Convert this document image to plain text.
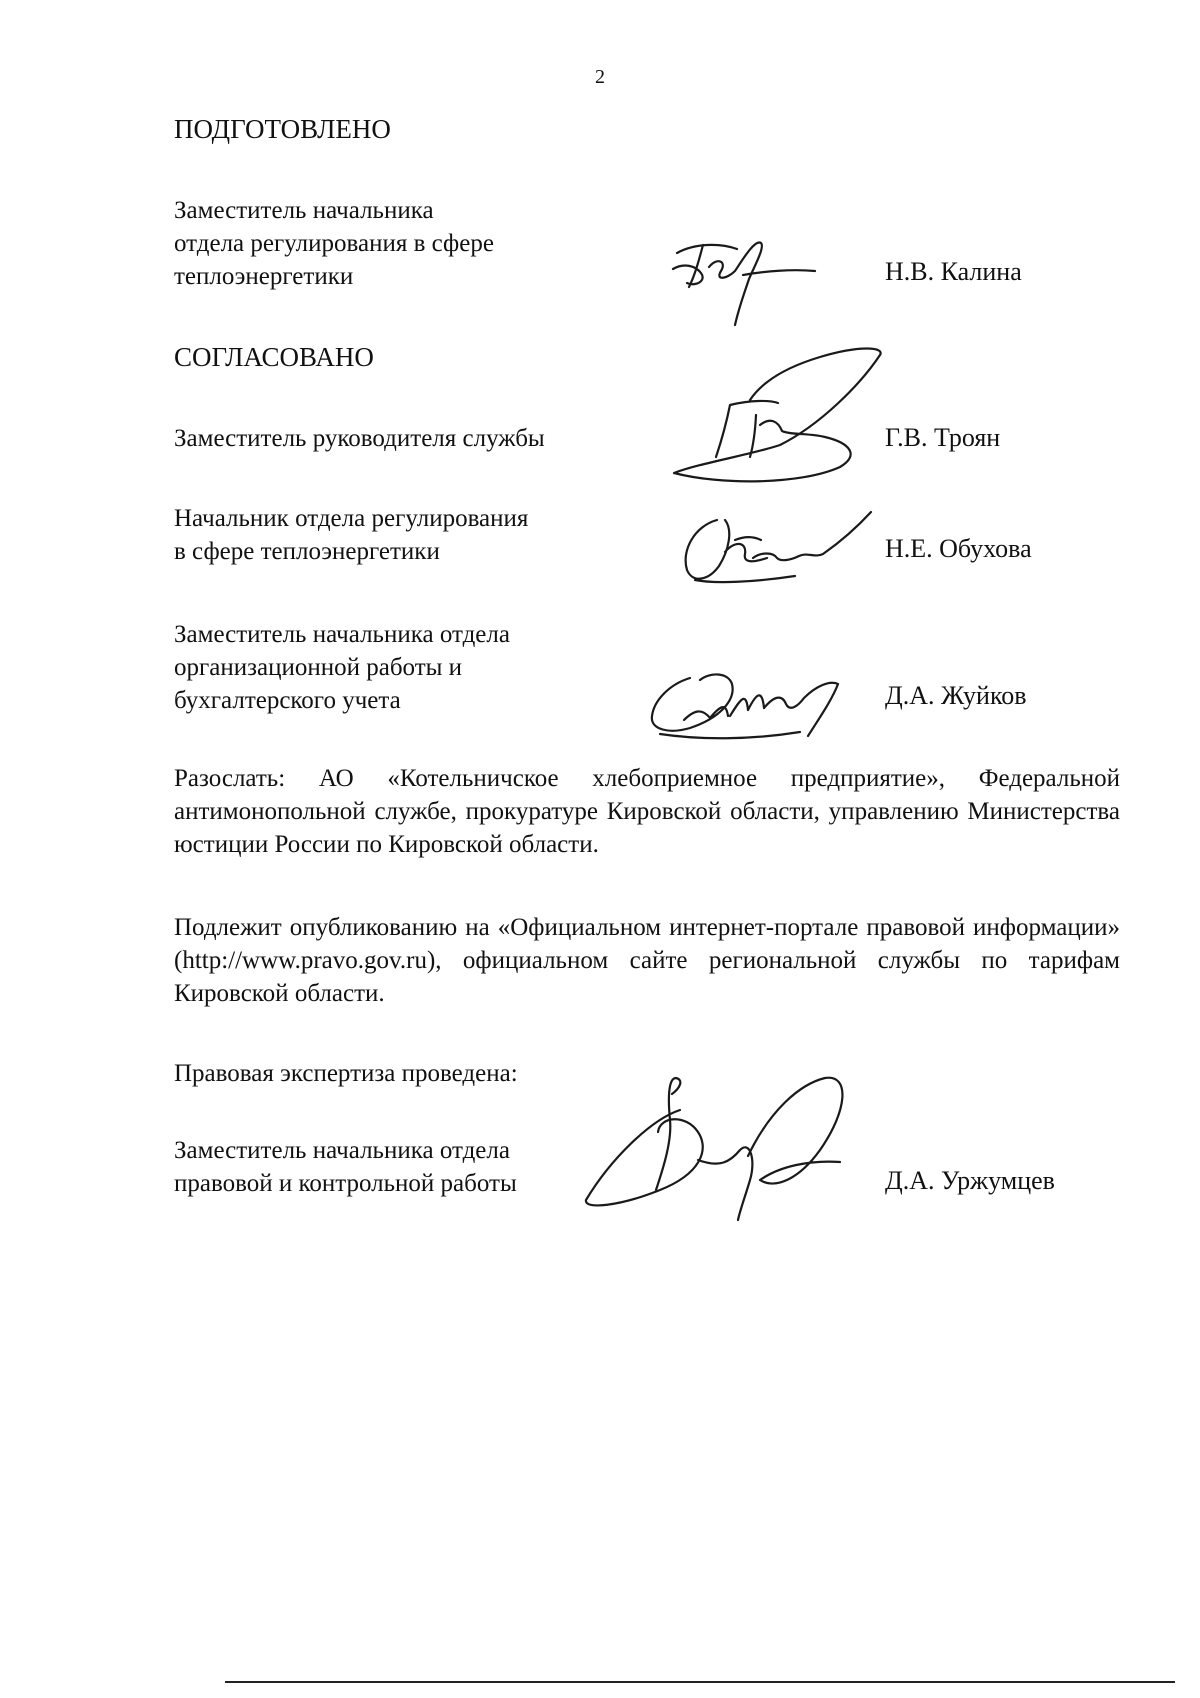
2
ПОДГОТОВЛЕНО
Заместитель начальника
отдела регулирования в сфере
теплоэнергетики	Н.В. Калина
СОГЛАСОВАНО
Заместитель руководителя службы	Г.В. Троян
Начальник отдела регулирования
в сфере теплоэнергетики	Н.Е. Обухова
Заместитель начальника отдела
организационной работы и
бухгалтерского учета	Д.А. Жуйков
Разослать: АО «Котельничское хлебоприемное предприятие», Федеральной антимонопольной службе, прокуратуре Кировской области, управлению Министерства юстиции России по Кировской области.
Подлежит опубликованию на «Официальном интернет-портале правовой информации» (http://www.pravo.gov.ru), официальном сайте региональной службы по тарифам Кировской области.
Правовая экспертиза проведена:
Заместитель начальника отдела
правовой и контрольной работы	Д.А. Уржумцев
